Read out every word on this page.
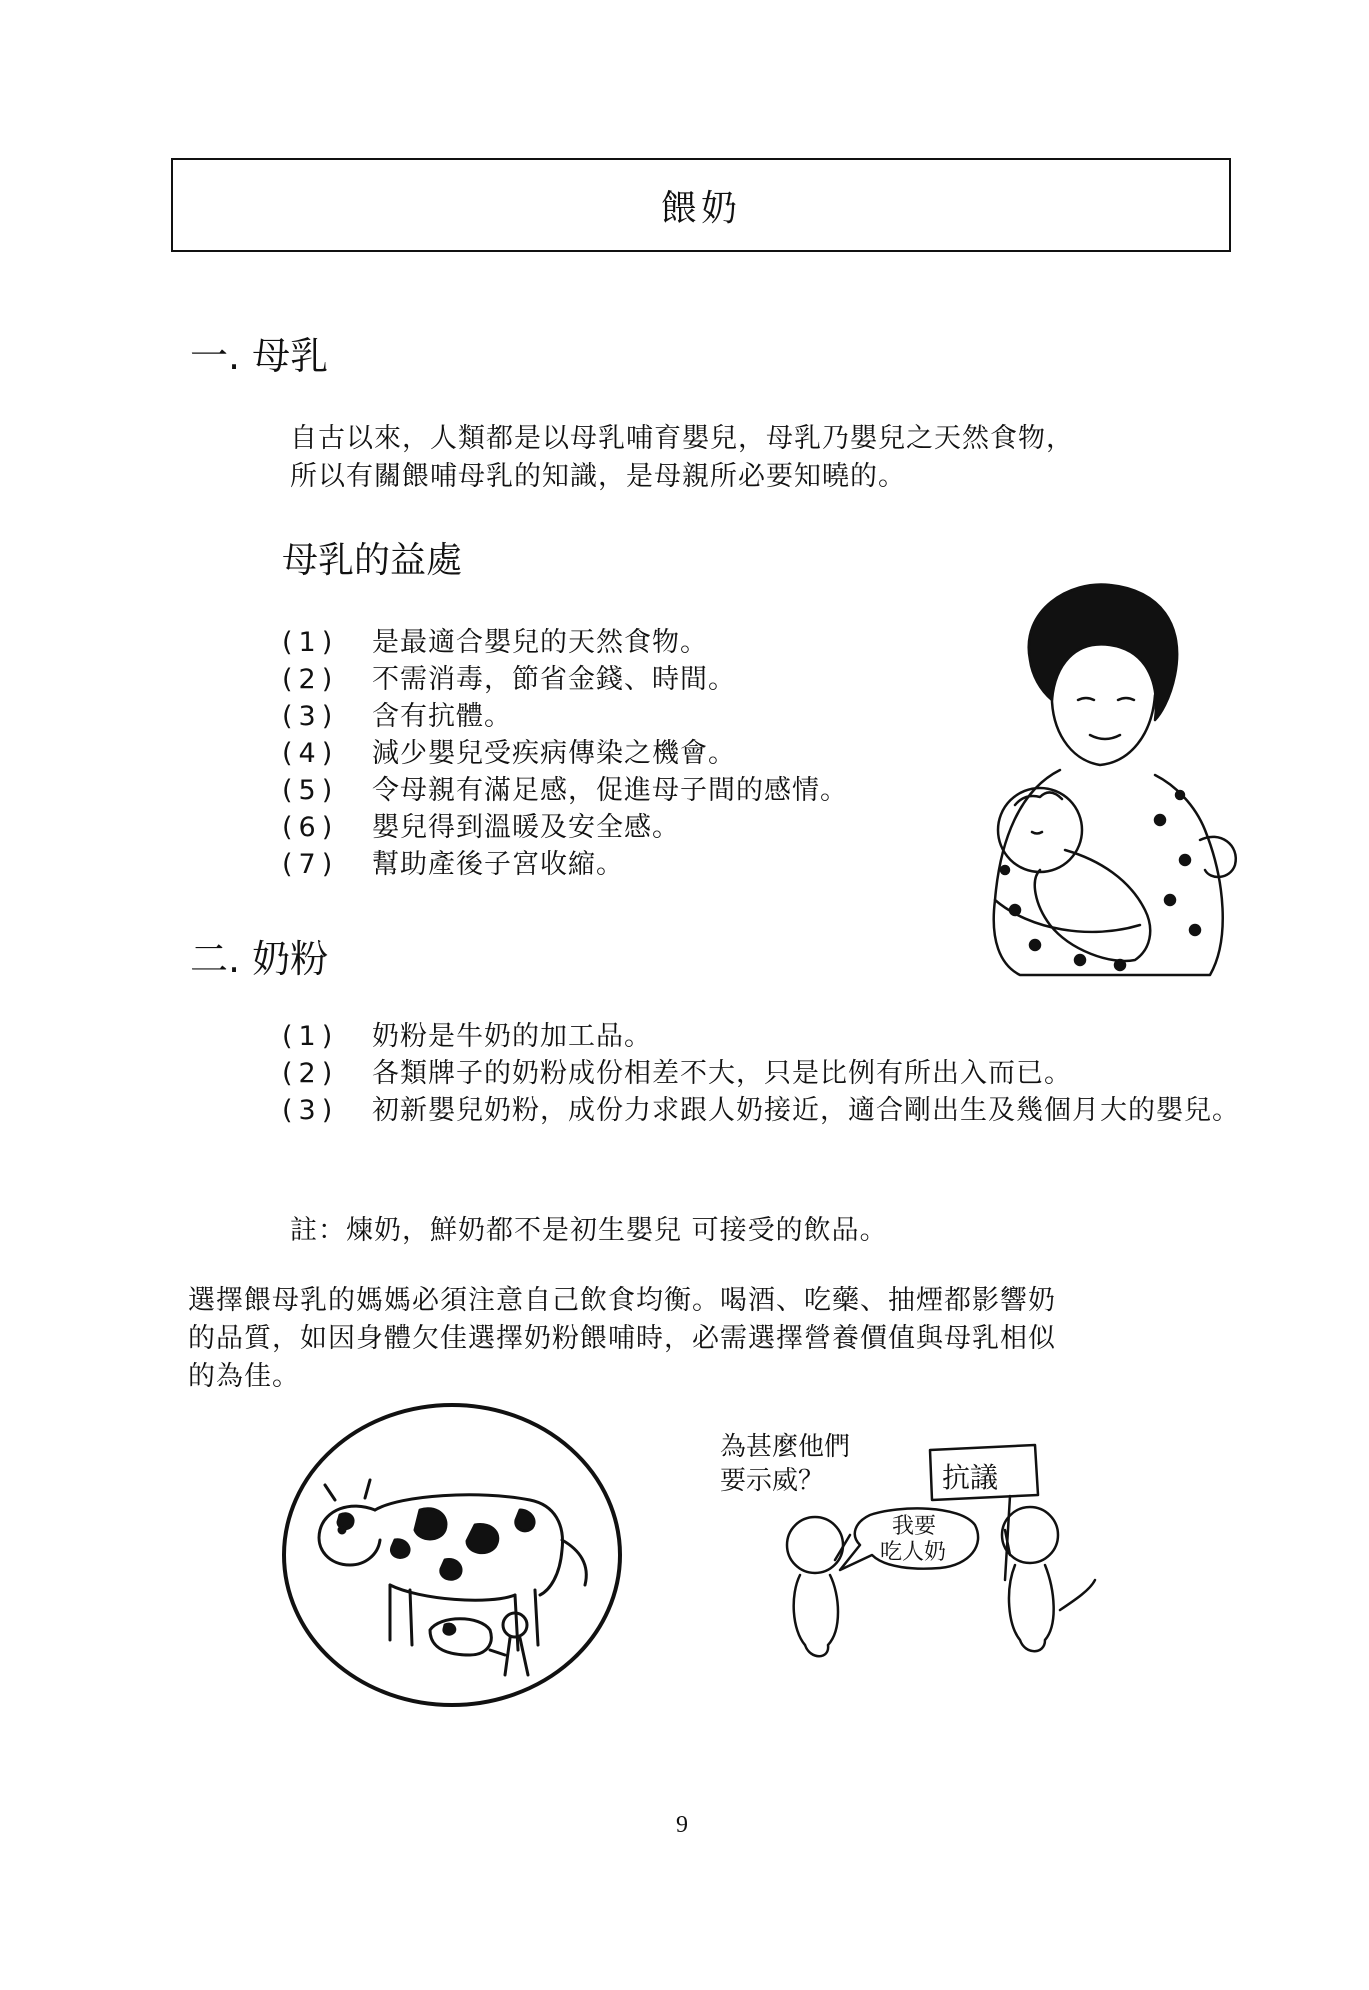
餵奶
一. 母乳
自古以來，人類都是以母乳哺育嬰兒，母乳乃嬰兒之天然食物，
所以有關餵哺母乳的知識，是母親所必要知曉的。
母乳的益處
(1)	是最適合嬰兒的天然食物。
(2)	不需消毒，節省金錢、時間。
(3)	含有抗體。
(4)	減少嬰兒受疾病傳染之機會。
(5)	令母親有滿足感，促進母子間的感情。
(6)	嬰兒得到溫暖及安全感。
(7)	幫助產後子宮收縮。
二. 奶粉
(1)	奶粉是牛奶的加工品。
(2)	各類牌子的奶粉成份相差不大，只是比例有所出入而已。
(3)	初新嬰兒奶粉，成份力求跟人奶接近，適合剛出生及幾個月大的嬰兒。
註：煉奶，鮮奶都不是初生嬰兒 可接受的飲品。
選擇餵母乳的媽媽必須注意自己飲食均衡。喝酒、吃藥、抽煙都影響奶
的品質，如因身體欠佳選擇奶粉餵哺時，必需選擇營養價值與母乳相似
的為佳。
為甚麼他們
要示威？	抗議
我要
吃人奶
9
